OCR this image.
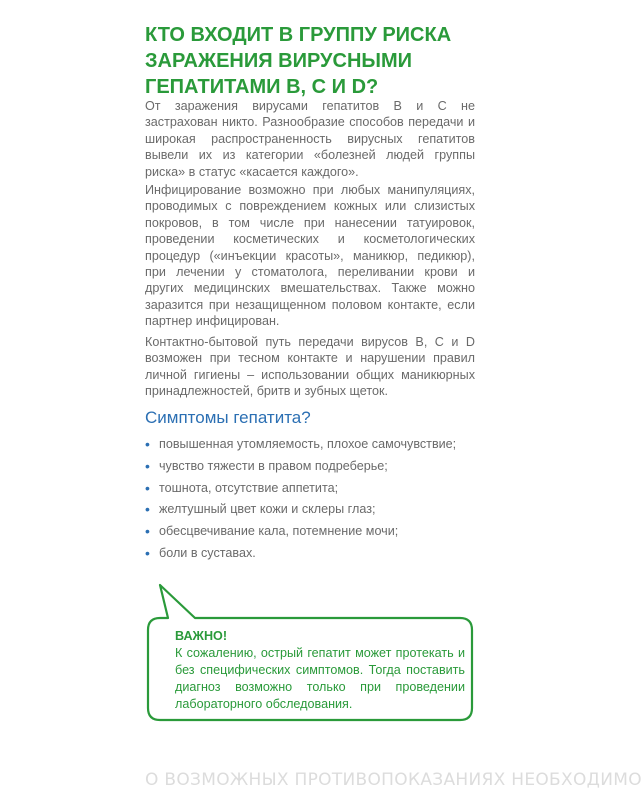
КТО ВХОДИТ В ГРУППУ РИСКА ЗАРАЖЕНИЯ ВИРУСНЫМИ ГЕПАТИТАМИ В, С И D?

От заражения вирусами гепатитов В и С не застрахован никто. Разнообразие способов передачи и широкая распространенность вирусных гепатитов вывели их из категории «болезней людей группы риска» в статус «касается каждого».

Инфицирование возможно при любых манипуляциях, проводимых с повреждением кожных или слизистых покровов, в том числе при нанесении татуировок, проведении косметических и косметологических процедур («инъекции красоты», маникюр, педикюр), при лечении у стоматолога, переливании крови и других медицинских вмешательствах. Также можно заразится при незащищенном половом контакте, если партнер инфицирован.

Контактно-бытовой путь передачи вирусов В, С и D возможен при тесном контакте и нарушении правил личной гигиены – использовании общих маникюрных принадлежностей, бритв и зубных щеток.

Симптомы гепатита?
• повышенная утомляемость, плохое самочувствие;
• чувство тяжести в правом подреберье;
• тошнота, отсутствие аппетита;
• желтушный цвет кожи и склеры глаз;
• обесцвечивание кала, потемнение мочи;
• боли в суставах.
ВАЖНО!
К сожалению, острый гепатит может протекать и без специфических симптомов. Тогда поставить диагноз возможно только при проведении лабораторного обследования.
О ВОЗМОЖНЫХ ПРОТИВОПОКАЗАНИЯХ НЕОБХОДИМО
